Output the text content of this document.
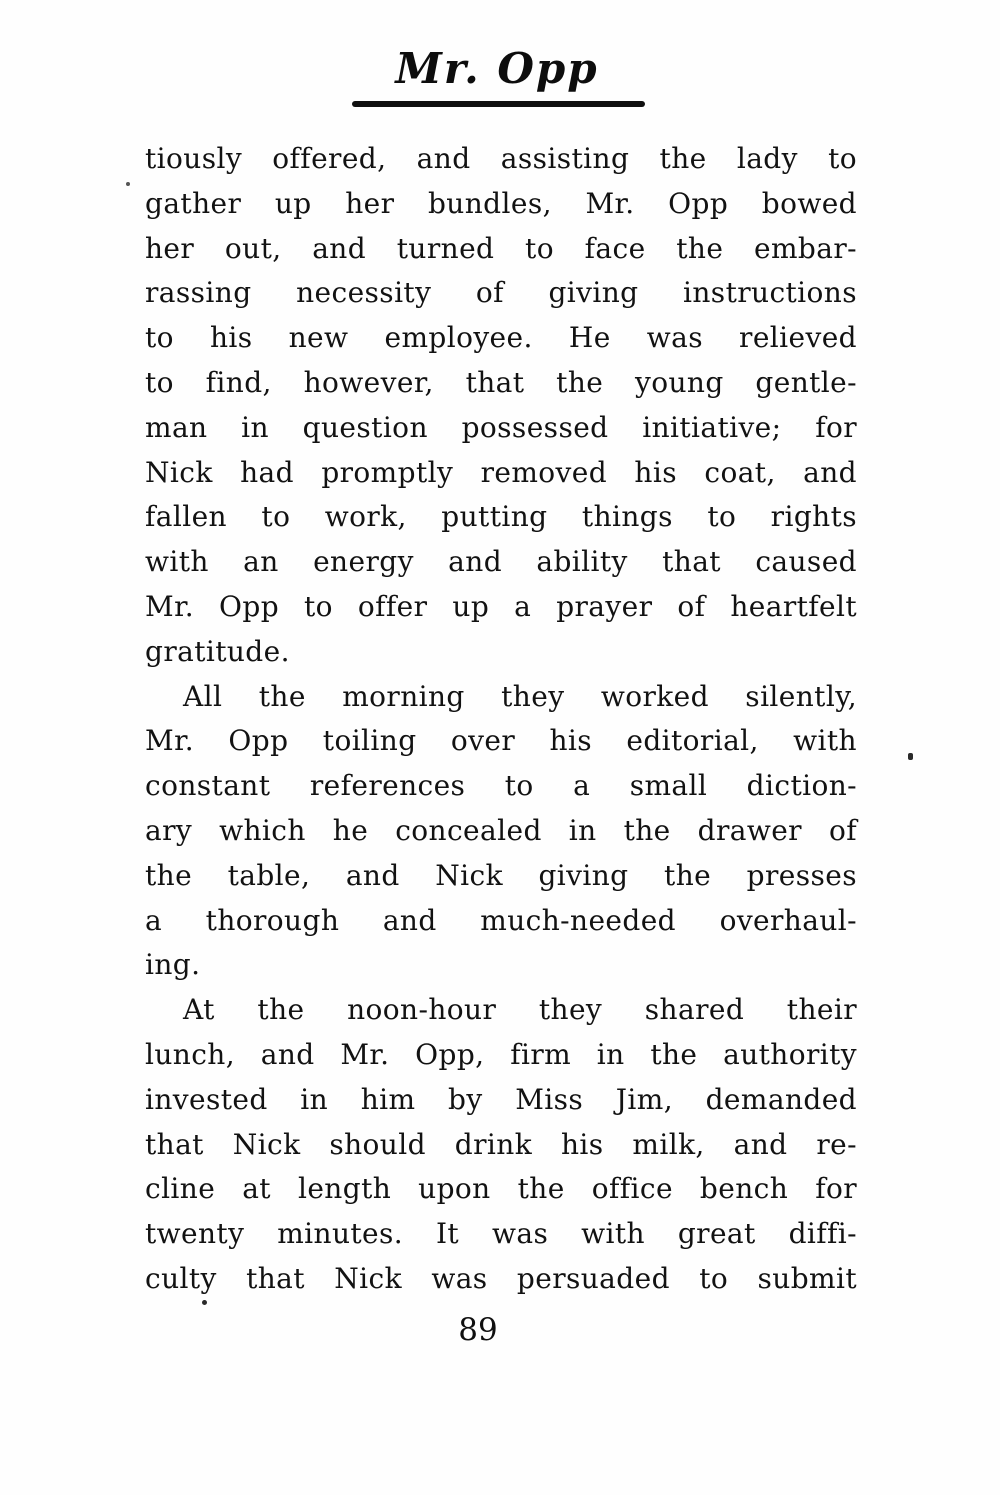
Mr. Opp
tiously offered, and assisting the lady to
gather up her bundles, Mr. Opp bowed
her out, and turned to face the embar-
rassing necessity of giving instructions
to his new employee. He was relieved
to find, however, that the young gentle-
man in question possessed initiative; for
Nick had promptly removed his coat, and
fallen to work, putting things to rights
with an energy and ability that caused
Mr. Opp to offer up a prayer of heartfelt
gratitude.
All the morning they worked silently,
Mr. Opp toiling over his editorial, with
constant references to a small diction-
ary which he concealed in the drawer of
the table, and Nick giving the presses
a thorough and much-needed overhaul-
ing.
At the noon-hour they shared their
lunch, and Mr. Opp, firm in the authority
invested in him by Miss Jim, demanded
that Nick should drink his milk, and re-
cline at length upon the office bench for
twenty minutes. It was with great diffi-
culty that Nick was persuaded to submit
89
